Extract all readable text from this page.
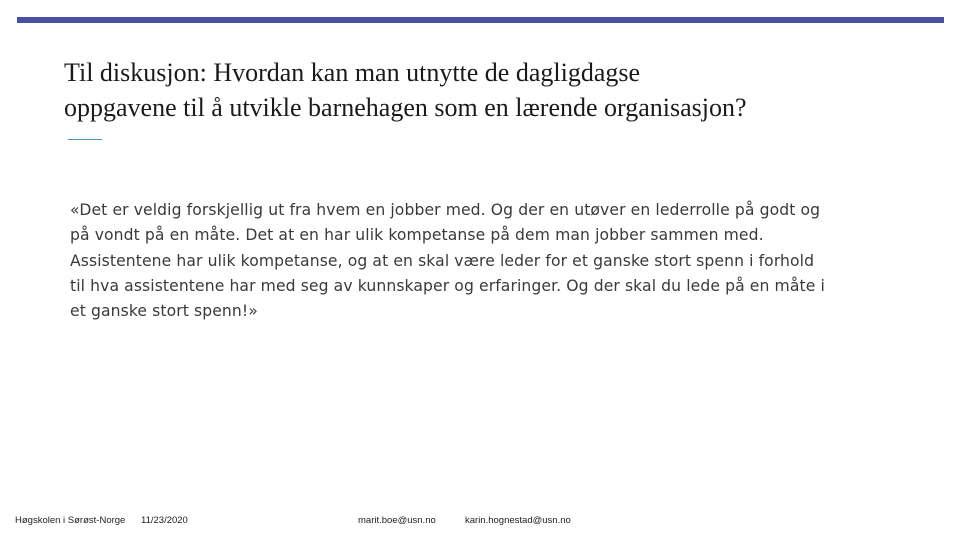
Til diskusjon: Hvordan kan man utnytte de dagligdagse
oppgavene til å utvikle barnehagen som en lærende organisasjon?

«Det er veldig forskjellig ut fra hvem en jobber med. Og der en utøver en lederrolle på godt og
på vondt på en måte. Det at en har ulik kompetanse på dem man jobber sammen med.
Assistentene har ulik kompetanse, og at en skal være leder for et ganske stort spenn i forhold
til hva assistentene har med seg av kunnskaper og erfaringer. Og der skal du lede på en måte i
et ganske stort spenn!»

Høgskolen i Sørøst-Norge 11/23/2020	marit.boe@usn.no	karin.hognestad@usn.no
